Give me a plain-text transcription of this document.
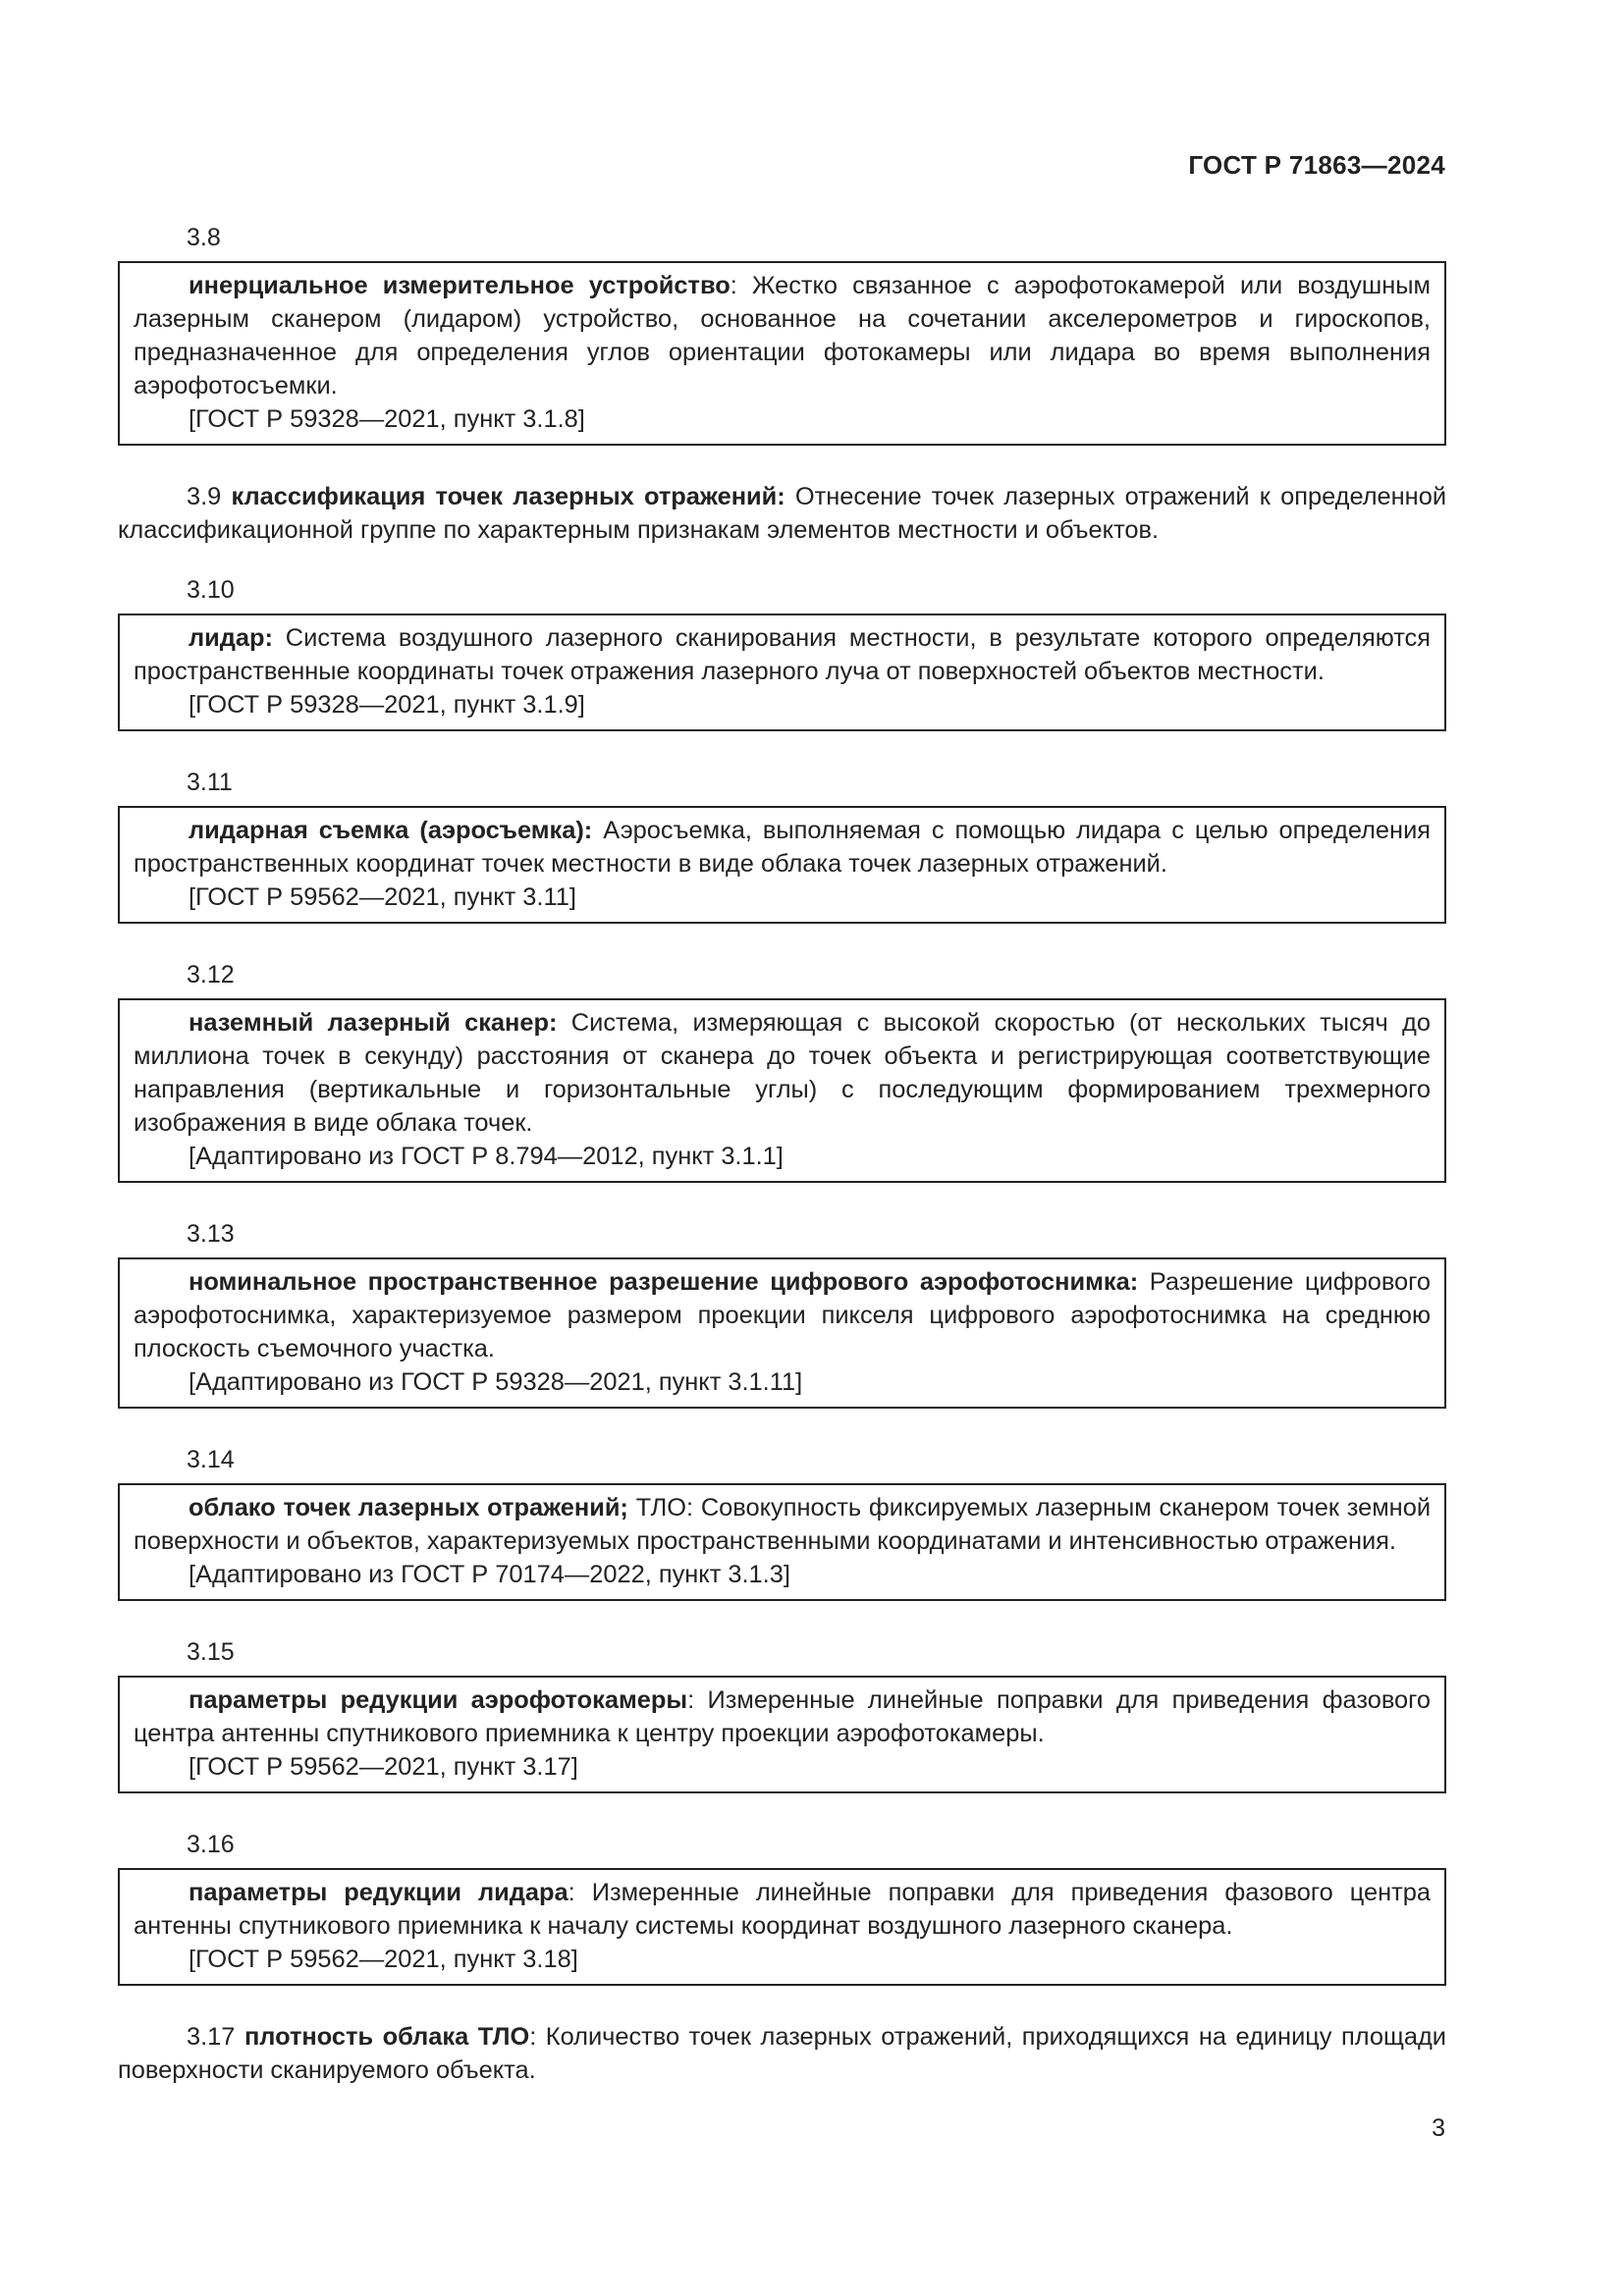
ГОСТ Р 71863—2024
3.8

инерциальное измерительное устройство: Жестко связанное с аэрофотокамерой или воздушным лазерным сканером (лидаром) устройство, основанное на сочетании акселерометров и гироскопов, предназначенное для определения углов ориентации фотокамеры или лидара во время выполнения аэрофотосъемки.

[ГОСТ Р 59328—2021, пункт 3.1.8]

3.9 классификация точек лазерных отражений: Отнесение точек лазерных отражений к определенной классификационной группе по характерным признакам элементов местности и объектов.

3.10

лидар: Система воздушного лазерного сканирования местности, в результате которого определяются пространственные координаты точек отражения лазерного луча от поверхностей объектов местности.

[ГОСТ Р 59328—2021, пункт 3.1.9]

3.11

лидарная съемка (аэросъемка): Аэросъемка, выполняемая с помощью лидара с целью определения пространственных координат точек местности в виде облака точек лазерных отражений.

[ГОСТ Р 59562—2021, пункт 3.11]

3.12

наземный лазерный сканер: Система, измеряющая с высокой скоростью (от нескольких тысяч до миллиона точек в секунду) расстояния от сканера до точек объекта и регистрирующая соответствующие направления (вертикальные и горизонтальные углы) с последующим формированием трехмерного изображения в виде облака точек.

[Адаптировано из ГОСТ Р 8.794—2012, пункт 3.1.1]

3.13

номинальное пространственное разрешение цифрового аэрофотоснимка: Разрешение цифрового аэрофотоснимка, характеризуемое размером проекции пикселя цифрового аэрофотоснимка на среднюю плоскость съемочного участка.

[Адаптировано из ГОСТ Р 59328—2021, пункт 3.1.11]

3.14

облако точек лазерных отражений; ТЛО: Совокупность фиксируемых лазерным сканером точек земной поверхности и объектов, характеризуемых пространственными координатами и интенсивностью отражения.

[Адаптировано из ГОСТ Р 70174—2022, пункт 3.1.3]

3.15

параметры редукции аэрофотокамеры: Измеренные линейные поправки для приведения фазового центра антенны спутникового приемника к центру проекции аэрофотокамеры.

[ГОСТ Р 59562—2021, пункт 3.17]

3.16

параметры редукции лидара: Измеренные линейные поправки для приведения фазового центра антенны спутникового приемника к началу системы координат воздушного лазерного сканера.

[ГОСТ Р 59562—2021, пункт 3.18]

3.17 плотность облака ТЛО: Количество точек лазерных отражений, приходящихся на единицу площади поверхности сканируемого объекта.

3
